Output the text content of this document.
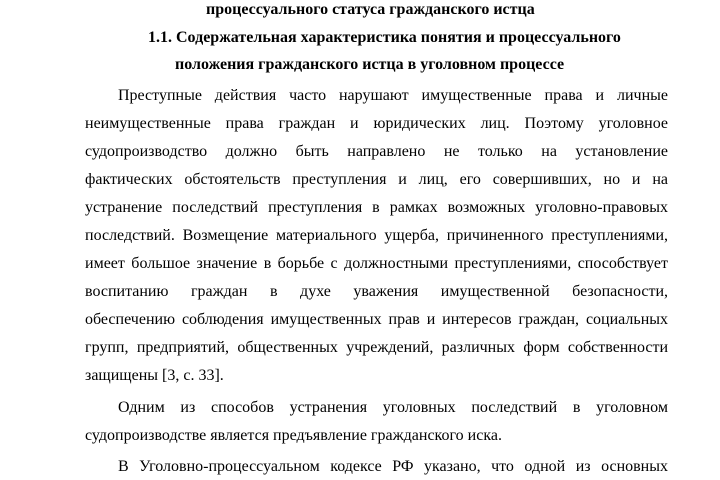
процессуального статуса гражданского истца
1.1. Содержательная характеристика понятия и процессуального
положения гражданского истца в уголовном процессе
Преступные действия часто нарушают имущественные права и личные
неимущественные права граждан и юридических лиц. Поэтому уголовное
судопроизводство должно быть направлено не только на установление
фактических обстоятельств преступления и лиц, его совершивших, но и на
устранение последствий преступления в рамках возможных уголовно-правовых
последствий. Возмещение материального ущерба, причиненного преступлениями,
имеет большое значение в борьбе с должностными преступлениями, способствует
воспитанию граждан в духе уважения имущественной безопасности,
обеспечению соблюдения имущественных прав и интересов граждан, социальных
групп, предприятий, общественных учреждений, различных форм собственности
защищены [3, с. 33].
Одним из способов устранения уголовных последствий в уголовном
судопроизводстве является предъявление гражданского иска.
В Уголовно-процессуальном кодексе РФ указано, что одной из основных
